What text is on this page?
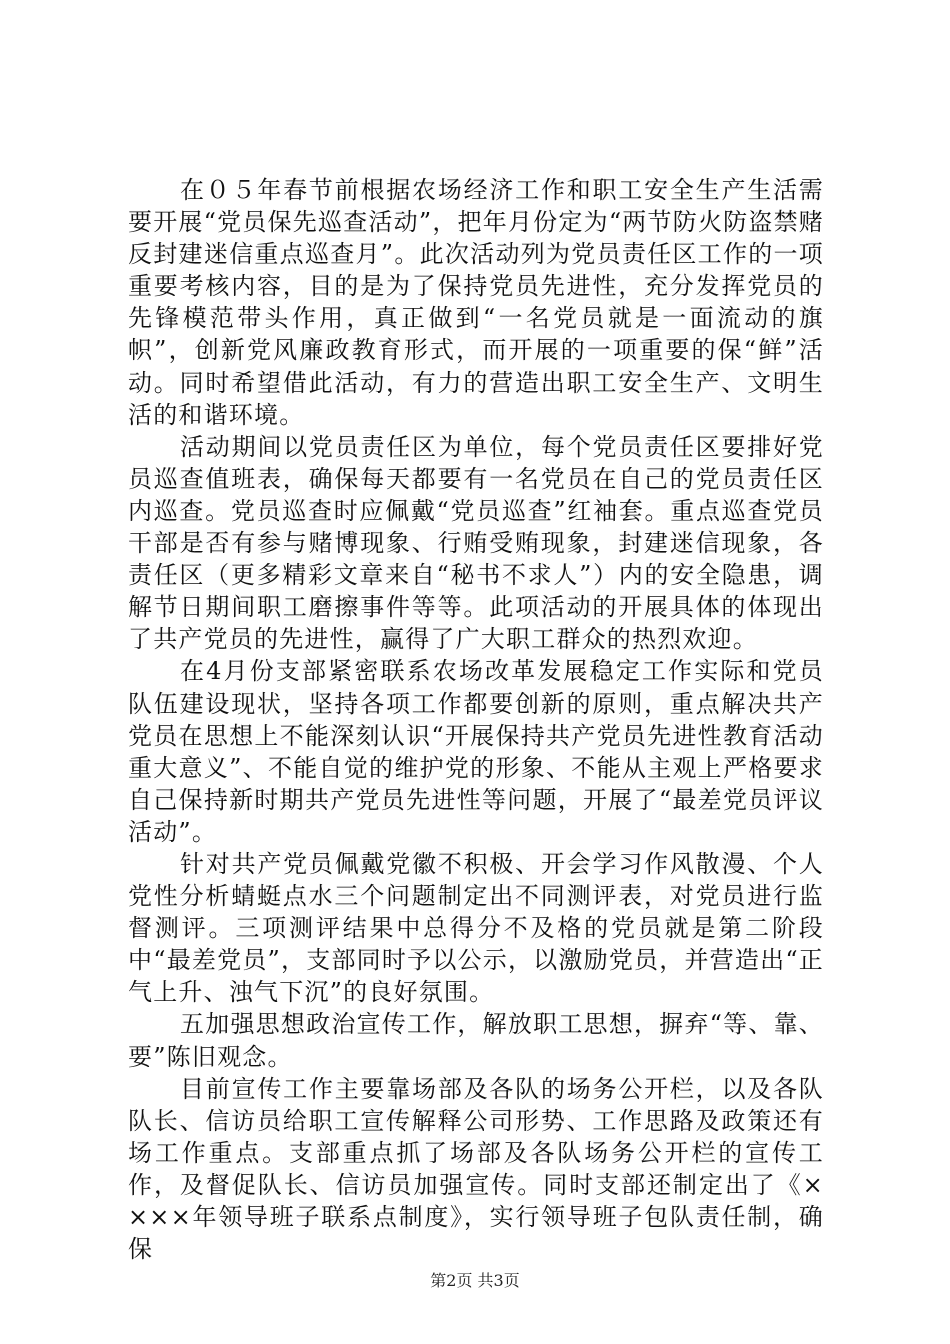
在０５年春节前根据农场经济工作和职工安全生产生活需要开展“党员保先巡查活动”，把年月份定为“两节防火防盗禁赌反封建迷信重点巡查月”。此次活动列为党员责任区工作的一项重要考核内容，目的是为了保持党员先进性，充分发挥党员的先锋模范带头作用，真正做到“一名党员就是一面流动的旗帜”，创新党风廉政教育形式，而开展的一项重要的保“鲜”活动。同时希望借此活动，有力的营造出职工安全生产、文明生活的和谐环境。

活动期间以党员责任区为单位，每个党员责任区要排好党员巡查值班表，确保每天都要有一名党员在自己的党员责任区内巡查。党员巡查时应佩戴“党员巡查”红袖套。重点巡查党员干部是否有参与赌博现象、行贿受贿现象，封建迷信现象，各责任区（更多精彩文章来自“秘书不求人”）内的安全隐患，调解节日期间职工磨擦事件等等。此项活动的开展具体的体现出了共产党员的先进性，赢得了广大职工群众的热烈欢迎。

在4月份支部紧密联系农场改革发展稳定工作实际和党员队伍建设现状，坚持各项工作都要创新的原则，重点解决共产党员在思想上不能深刻认识“开展保持共产党员先进性教育活动重大意义”、不能自觉的维护党的形象、不能从主观上严格要求自己保持新时期共产党员先进性等问题，开展了“最差党员评议活动”。

针对共产党员佩戴党徽不积极、开会学习作风散漫、个人党性分析蜻蜓点水三个问题制定出不同测评表，对党员进行监督测评。三项测评结果中总得分不及格的党员就是第二阶段中“最差党员”，支部同时予以公示，以激励党员，并营造出“正气上升、浊气下沉”的良好氛围。

五加强思想政治宣传工作，解放职工思想，摒弃“等、靠、要”陈旧观念。

目前宣传工作主要靠场部及各队的场务公开栏，以及各队队长、信访员给职工宣传解释公司形势、工作思路及政策还有场工作重点。支部重点抓了场部及各队场务公开栏的宣传工作，及督促队长、信访员加强宣传。同时支部还制定出了《××××年领导班子联系点制度》，实行领导班子包队责任制，确保

第2页 共3页
